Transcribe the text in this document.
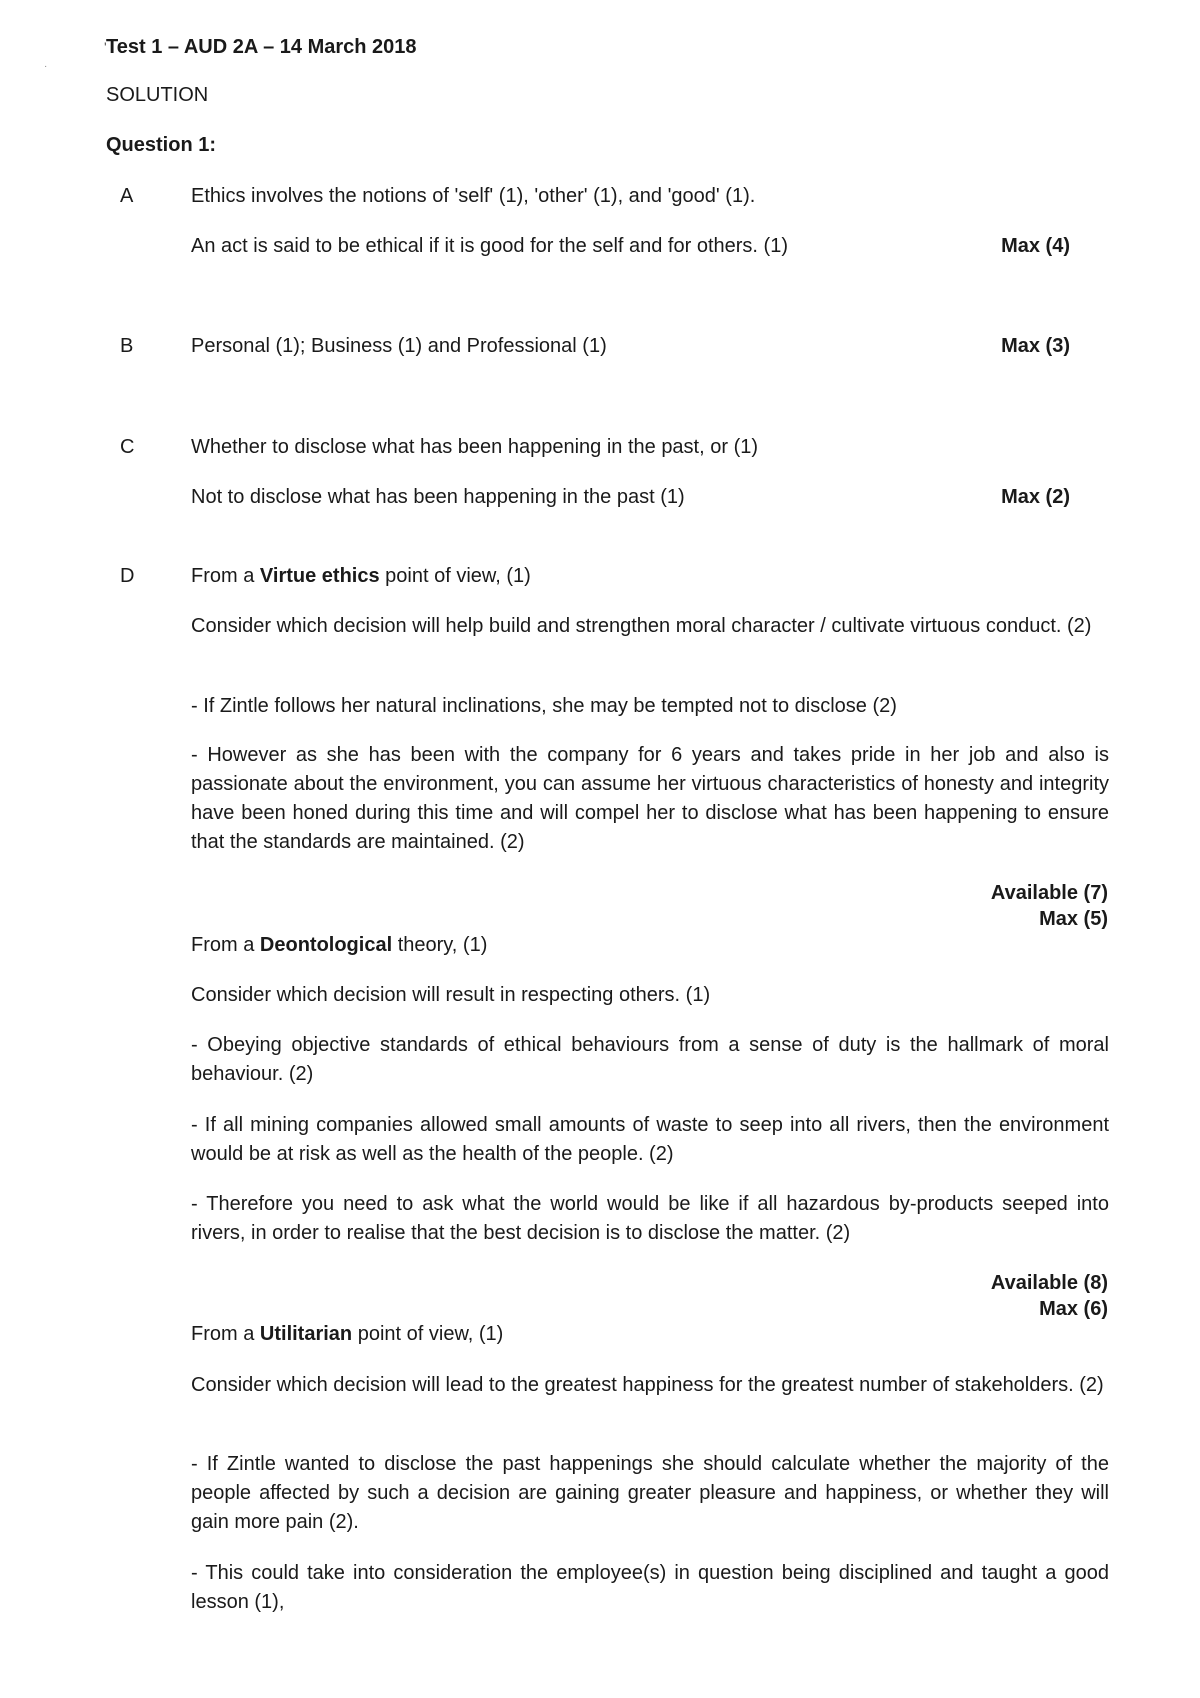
'
·

Test 1 – AUD 2A – 14 March 2018

SOLUTION

Question 1:

A	Ethics involves the notions of 'self' (1), 'other' (1), and 'good' (1).

An act is said to be ethical if it is good for the self and for others. (1)	Max (4)

B	Personal (1); Business (1) and Professional (1)	Max (3)

C	Whether to disclose what has been happening in the past, or (1)

Not to disclose what has been happening in the past (1)	Max (2)

D	From a Virtue ethics point of view, (1)

Consider which decision will help build and strengthen moral character / cultivate virtuous conduct. (2)

- If Zintle follows her natural inclinations, she may be tempted not to disclose (2)

- However as she has been with the company for 6 years and takes pride in her job and also is passionate about the environment, you can assume her virtuous characteristics of honesty and integrity have been honed during this time and will compel her to disclose what has been happening to ensure that the standards are maintained. (2)

Available (7)

Max (5)

From a Deontological theory, (1)

Consider which decision will result in respecting others. (1)

- Obeying objective standards of ethical behaviours from a sense of duty is the hallmark of moral behaviour. (2)

- If all mining companies allowed small amounts of waste to seep into all rivers, then the environment would be at risk as well as the health of the people. (2)

- Therefore you need to ask what the world would be like if all hazardous by-products seeped into rivers, in order to realise that the best decision is to disclose the matter. (2)

Available (8)

Max (6)

From a Utilitarian point of view, (1)

Consider which decision will lead to the greatest happiness for the greatest number of stakeholders. (2)

- If Zintle wanted to disclose the past happenings she should calculate whether the majority of the people affected by such a decision are gaining greater pleasure and happiness, or whether they will gain more pain (2).

- This could take into consideration the employee(s) in question being disciplined and taught a good lesson (1),
